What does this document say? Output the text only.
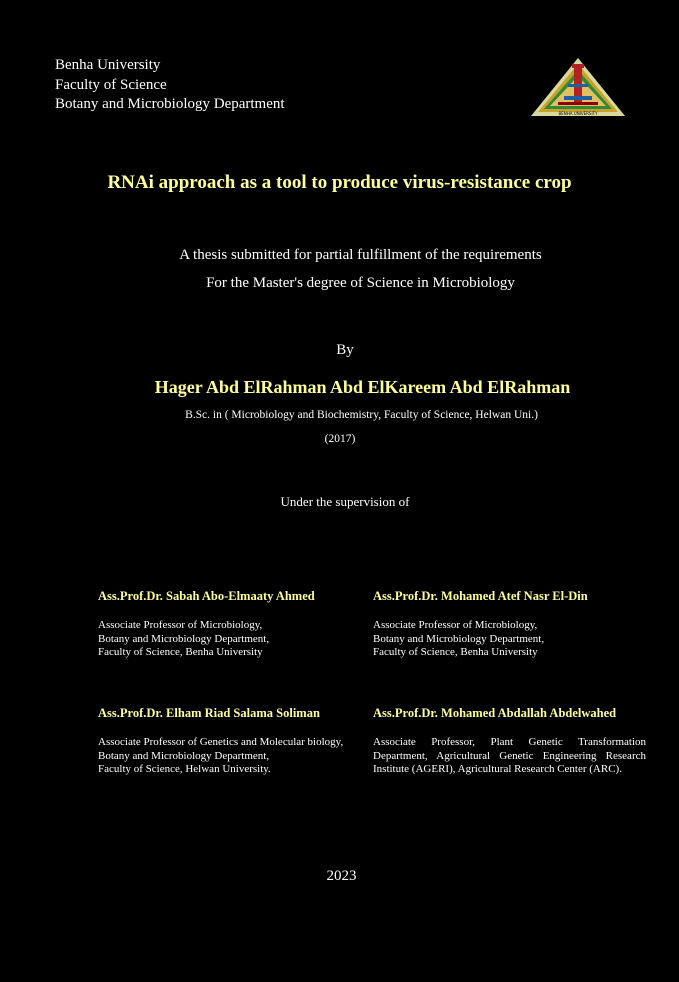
Benha University
Faculty of Science
Botany and Microbiology Department
BENHA UNIVERSITY
RNAi approach as a tool to produce virus-resistance crop
A thesis submitted for partial fulfillment of the requirements
For the Master's degree of Science in Microbiology
By
Hager Abd ElRahman Abd ElKareem Abd ElRahman
B.Sc. in ( Microbiology and Biochemistry, Faculty of Science, Helwan Uni.)
(2017)
Under the supervision of
Ass.Prof.Dr. Sabah Abo-Elmaaty Ahmed
Associate Professor of Microbiology,
Botany and Microbiology Department,
Faculty of Science, Benha University
Ass.Prof.Dr. Mohamed Atef Nasr El-Din
Associate Professor of Microbiology,
Botany and Microbiology Department,
Faculty of Science, Benha University
Ass.Prof.Dr. Elham Riad Salama Soliman
Associate Professor of Genetics and Molecular biology,
Botany and Microbiology Department,
Faculty of Science, Helwan University.
Ass.Prof.Dr. Mohamed Abdallah Abdelwahed
Associate Professor, Plant Genetic Transformation Department, Agricultural Genetic Engineering Research Institute (AGERI), Agricultural Research Center (ARC).
2023
